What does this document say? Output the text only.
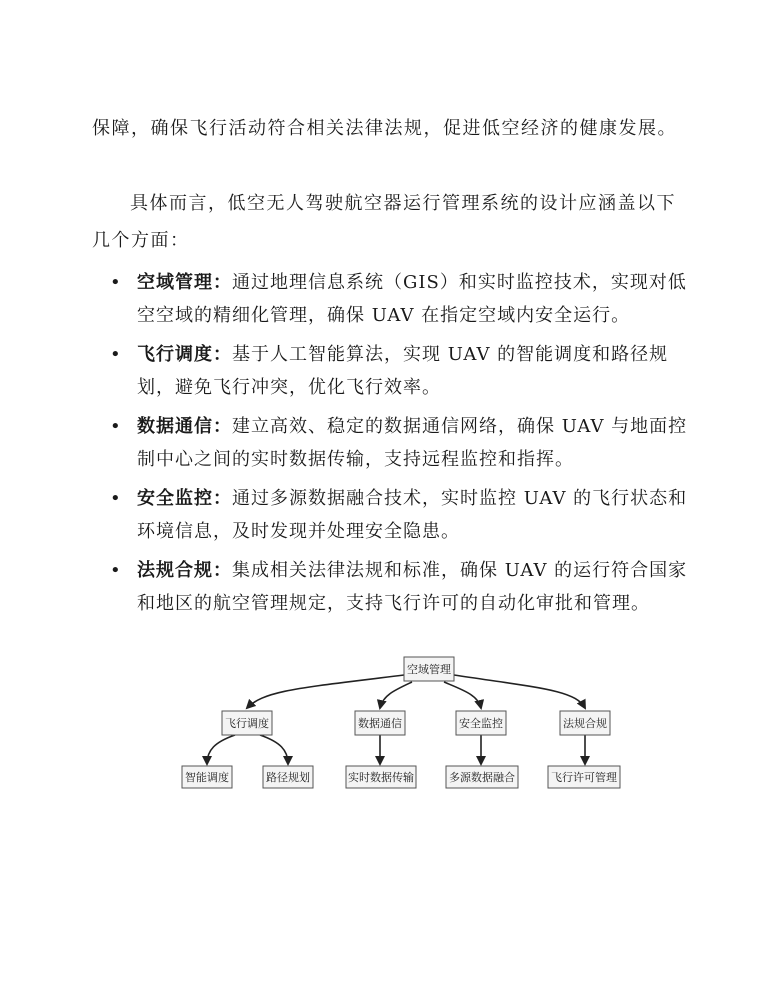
保障，确保飞行活动符合相关法律法规，促进低空经济的健康发展。

具体而言，低空无人驾驶航空器运行管理系统的设计应涵盖以下几个方面：

• 空域管理：通过地理信息系统（GIS）和实时监控技术，实现对低空空域的精细化管理，确保 UAV 在指定空域内安全运行。
• 飞行调度：基于人工智能算法，实现 UAV 的智能调度和路径规划，避免飞行冲突，优化飞行效率。
• 数据通信：建立高效、稳定的数据通信网络，确保 UAV 与地面控制中心之间的实时数据传输，支持远程监控和指挥。
• 安全监控：通过多源数据融合技术，实时监控 UAV 的飞行状态和环境信息，及时发现并处理安全隐患。
• 法规合规：集成相关法律法规和标准，确保 UAV 的运行符合国家和地区的航空管理规定，支持飞行许可的自动化审批和管理。
空域管理
飞行调度	数据通信	安全监控	法规合规
智能调度	路径规划	实时数据传输	多源数据融合	飞行许可管理
